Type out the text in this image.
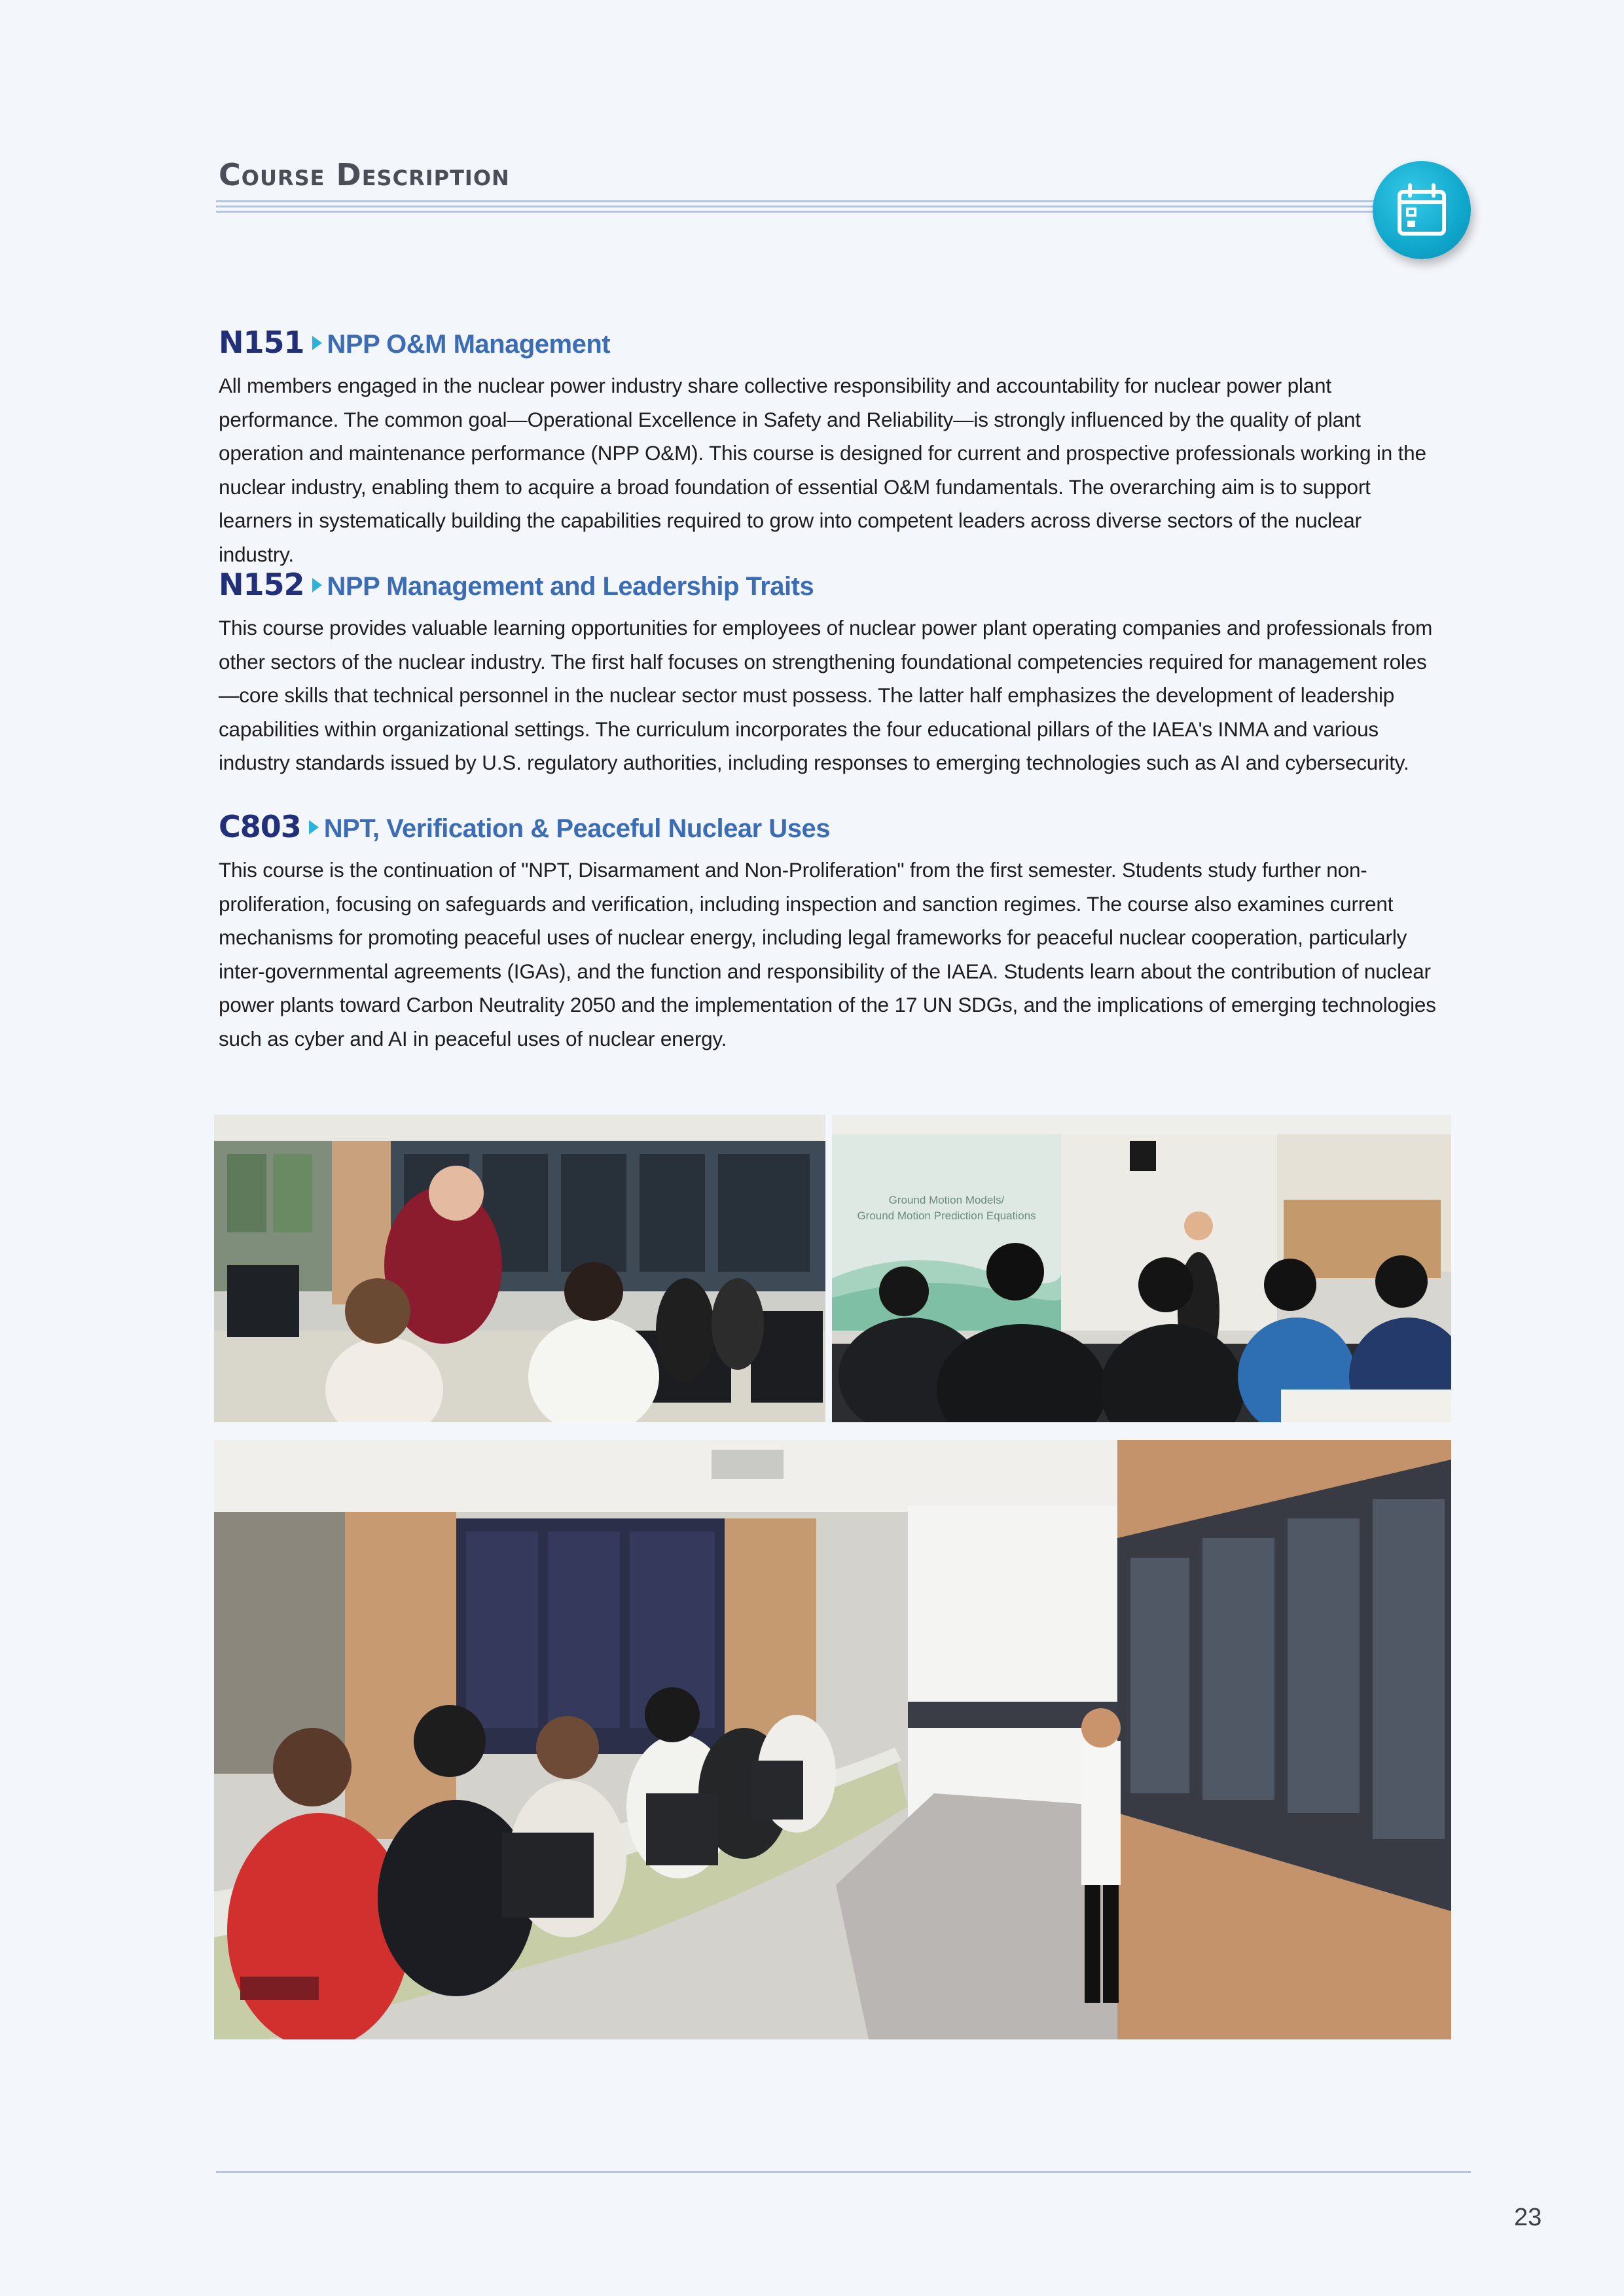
Course Description
N151 NPP O&M Management
All members engaged in the nuclear power industry share collective responsibility and accountability for nuclear power plant performance. The common goal—Operational Excellence in Safety and Reliability—is strongly influenced by the quality of plant operation and maintenance performance (NPP O&M). This course is designed for current and prospective professionals working in the nuclear industry, enabling them to acquire a broad foundation of essential O&M fundamentals. The overarching aim is to support learners in systematically building the capabilities required to grow into competent leaders across diverse sectors of the nuclear industry.
N152 NPP Management and Leadership Traits
This course provides valuable learning opportunities for employees of nuclear power plant operating companies and professionals from other sectors of the nuclear industry. The first half focuses on strengthening foundational competencies required for management roles—core skills that technical personnel in the nuclear sector must possess. The latter half emphasizes the development of leadership capabilities within organizational settings. The curriculum incorporates the four educational pillars of the IAEA's INMA and various industry standards issued by U.S. regulatory authorities, including responses to emerging technologies such as AI and cybersecurity.
C803 NPT, Verification & Peaceful Nuclear Uses
This course is the continuation of "NPT, Disarmament and Non-Proliferation" from the first semester. Students study further non-proliferation, focusing on safeguards and verification, including inspection and sanction regimes. The course also examines current mechanisms for promoting peaceful uses of nuclear energy, including legal frameworks for peaceful nuclear cooperation, particularly inter-governmental agreements (IGAs), and the function and responsibility of the IAEA. Students learn about the contribution of nuclear power plants toward Carbon Neutrality 2050 and the implementation of the 17 UN SDGs, and the implications of emerging technologies such as cyber and AI in peaceful uses of nuclear energy.
Ground Motion Models/
Ground Motion Prediction Equations
23
